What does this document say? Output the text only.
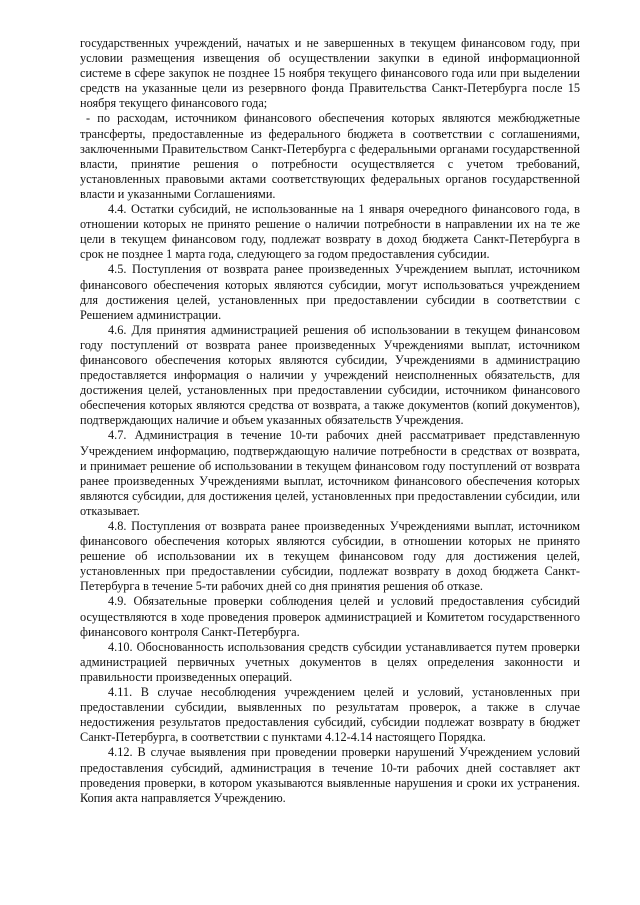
государственных учреждений, начатых и не завершенных в текущем финансовом году, при условии размещения извещения об осуществлении закупки в единой информационной системе в сфере закупок не позднее 15 ноября текущего финансового года или при выделении средств на указанные цели из резервного фонда Правительства Санкт-Петербурга после 15 ноября текущего финансового года;

- по расходам, источником финансового обеспечения которых являются межбюджетные трансферты, предоставленные из федерального бюджета в соответствии с соглашениями, заключенными Правительством Санкт-Петербурга с федеральными органами государственной власти, принятие решения о потребности осуществляется с учетом требований, установленных правовыми актами соответствующих федеральных органов государственной власти и указанными Соглашениями.

4.4. Остатки субсидий, не использованные на 1 января очередного финансового года, в отношении которых не принято решение о наличии потребности в направлении их на те же цели в текущем финансовом году, подлежат возврату в доход бюджета Санкт-Петербурга в срок не позднее 1 марта года, следующего за годом предоставления субсидии.

4.5. Поступления от возврата ранее произведенных Учреждением выплат, источником финансового обеспечения которых являются субсидии, могут использоваться учреждением для достижения целей, установленных при предоставлении субсидии в соответствии с Решением администрации.

4.6. Для принятия администрацией решения об использовании в текущем финансовом году поступлений от возврата ранее произведенных Учреждениями выплат, источником финансового обеспечения которых являются субсидии, Учреждениями в администрацию предоставляется информация о наличии у учреждений неисполненных обязательств, для достижения целей, установленных при предоставлении субсидии, источником финансового обеспечения которых являются средства от возврата, а также документов (копий документов), подтверждающих наличие и объем указанных обязательств Учреждения.

4.7. Администрация в течение 10-ти рабочих дней рассматривает представленную Учреждением информацию, подтверждающую наличие потребности в средствах от возврата, и принимает решение об использовании в текущем финансовом году поступлений от возврата ранее произведенных Учреждениями выплат, источником финансового обеспечения которых являются субсидии, для достижения целей, установленных при предоставлении субсидии, или отказывает.

4.8. Поступления от возврата ранее произведенных Учреждениями выплат, источником финансового обеспечения которых являются субсидии, в отношении которых не принято решение об использовании их в текущем финансовом году для достижения целей, установленных при предоставлении субсидии, подлежат возврату в доход бюджета Санкт-Петербурга в течение 5-ти рабочих дней со дня принятия решения об отказе.

4.9. Обязательные проверки соблюдения целей и условий предоставления субсидий осуществляются в ходе проведения проверок администрацией и Комитетом государственного финансового контроля Санкт-Петербурга.

4.10. Обоснованность использования средств субсидии устанавливается путем проверки администрацией первичных учетных документов в целях определения законности и правильности произведенных операций.

4.11. В случае несоблюдения учреждением целей и условий, установленных при предоставлении субсидии, выявленных по результатам проверок, а также в случае недостижения результатов предоставления субсидий, субсидии подлежат возврату в бюджет Санкт-Петербурга, в соответствии с пунктами 4.12-4.14 настоящего Порядка.

4.12. В случае выявления при проведении проверки нарушений Учреждением условий предоставления субсидий, администрация в течение 10-ти рабочих дней составляет акт проведения проверки, в котором указываются выявленные нарушения и сроки их устранения. Копия акта направляется Учреждению.
